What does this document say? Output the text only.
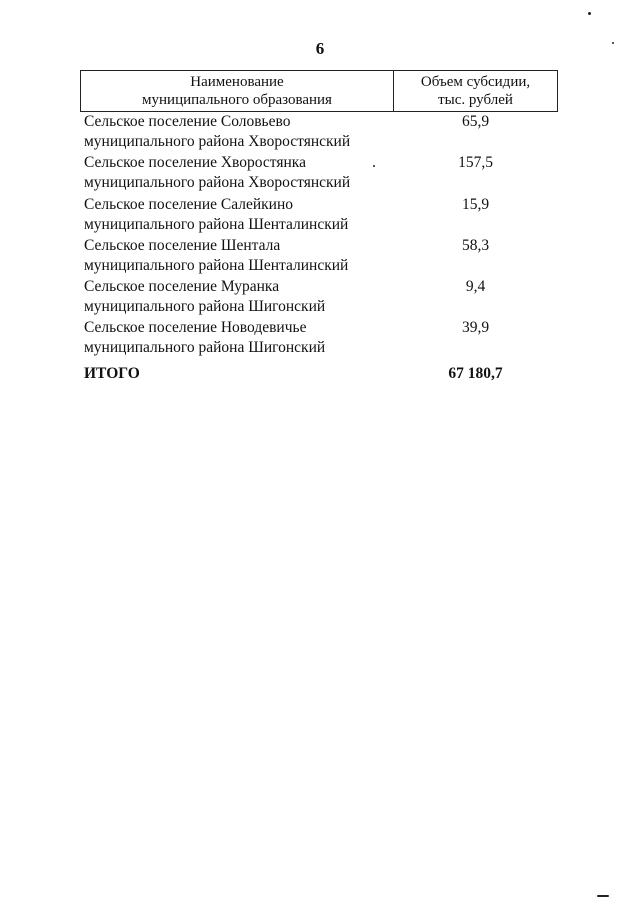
6
Наименование
муниципального образования
Объем субсидии,
тыс. рублей
Сельское поселение Соловьево
муниципального района Хворостянский
65,9
Сельское поселение Хворостянка
муниципального района Хворостянский
157,5
Сельское поселение Салейкино
муниципального района Шенталинский
15,9
Сельское поселение Шентала
муниципального района Шенталинский
58,3
Сельское поселение Муранка
муниципального района Шигонский
9,4
Сельское поселение Новодевичье
муниципального района Шигонский
39,9
ИТОГО	67 180,7
